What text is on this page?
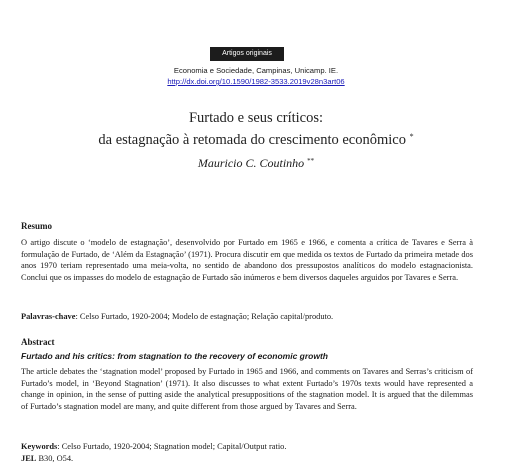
Artigos originais
Economia e Sociedade, Campinas, Unicamp. IE.
http://dx.doi.org/10.1590/1982-3533.2019v28n3art06
Furtado e seus críticos:
da estagnação à retomada do crescimento econômico *
Mauricio C. Coutinho **
Resumo
O artigo discute o ‘modelo de estagnação’, desenvolvido por Furtado em 1965 e 1966, e comenta a crítica de Tavares e Serra à formulação de Furtado, de ‘Além da Estagnação’ (1971). Procura discutir em que medida os textos de Furtado da primeira metade dos anos 1970 teriam representado uma meia-volta, no sentido de abandono dos pressupostos analíticos do modelo estagnacionista. Conclui que os impasses do modelo de estagnação de Furtado são inúmeros e bem diversos daqueles arguidos por Tavares e Serra.
Palavras-chave: Celso Furtado, 1920-2004; Modelo de estagnação; Relação capital/produto.
Abstract
Furtado and his critics: from stagnation to the recovery of economic growth
The article debates the ‘stagnation model’ proposed by Furtado in 1965 and 1966, and comments on Tavares and Serras’s criticism of Furtado’s model, in ‘Beyond Stagnation’ (1971). It also discusses to what extent Furtado’s 1970s texts would have represented a change in opinion, in the sense of putting aside the analytical presuppositions of the stagnation model. It is argued that the dilemmas of Furtado’s stagnation model are many, and quite different from those argued by Tavares and Serra.
Keywords: Celso Furtado, 1920-2004; Stagnation model; Capital/Output ratio.
JEL B30, O54.
